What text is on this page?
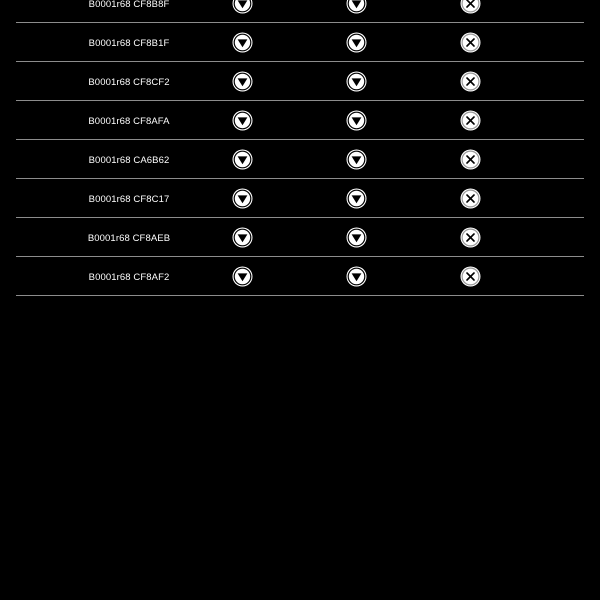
B0001r68 CF8B8F
B0001r68 CF8B1F
B0001r68 CF8CF2
B0001r68 CF8AFA
B0001r68 CA6B62
B0001r68 CF8C17
B0001r68 CF8AEB
B0001r68 CF8AF2
